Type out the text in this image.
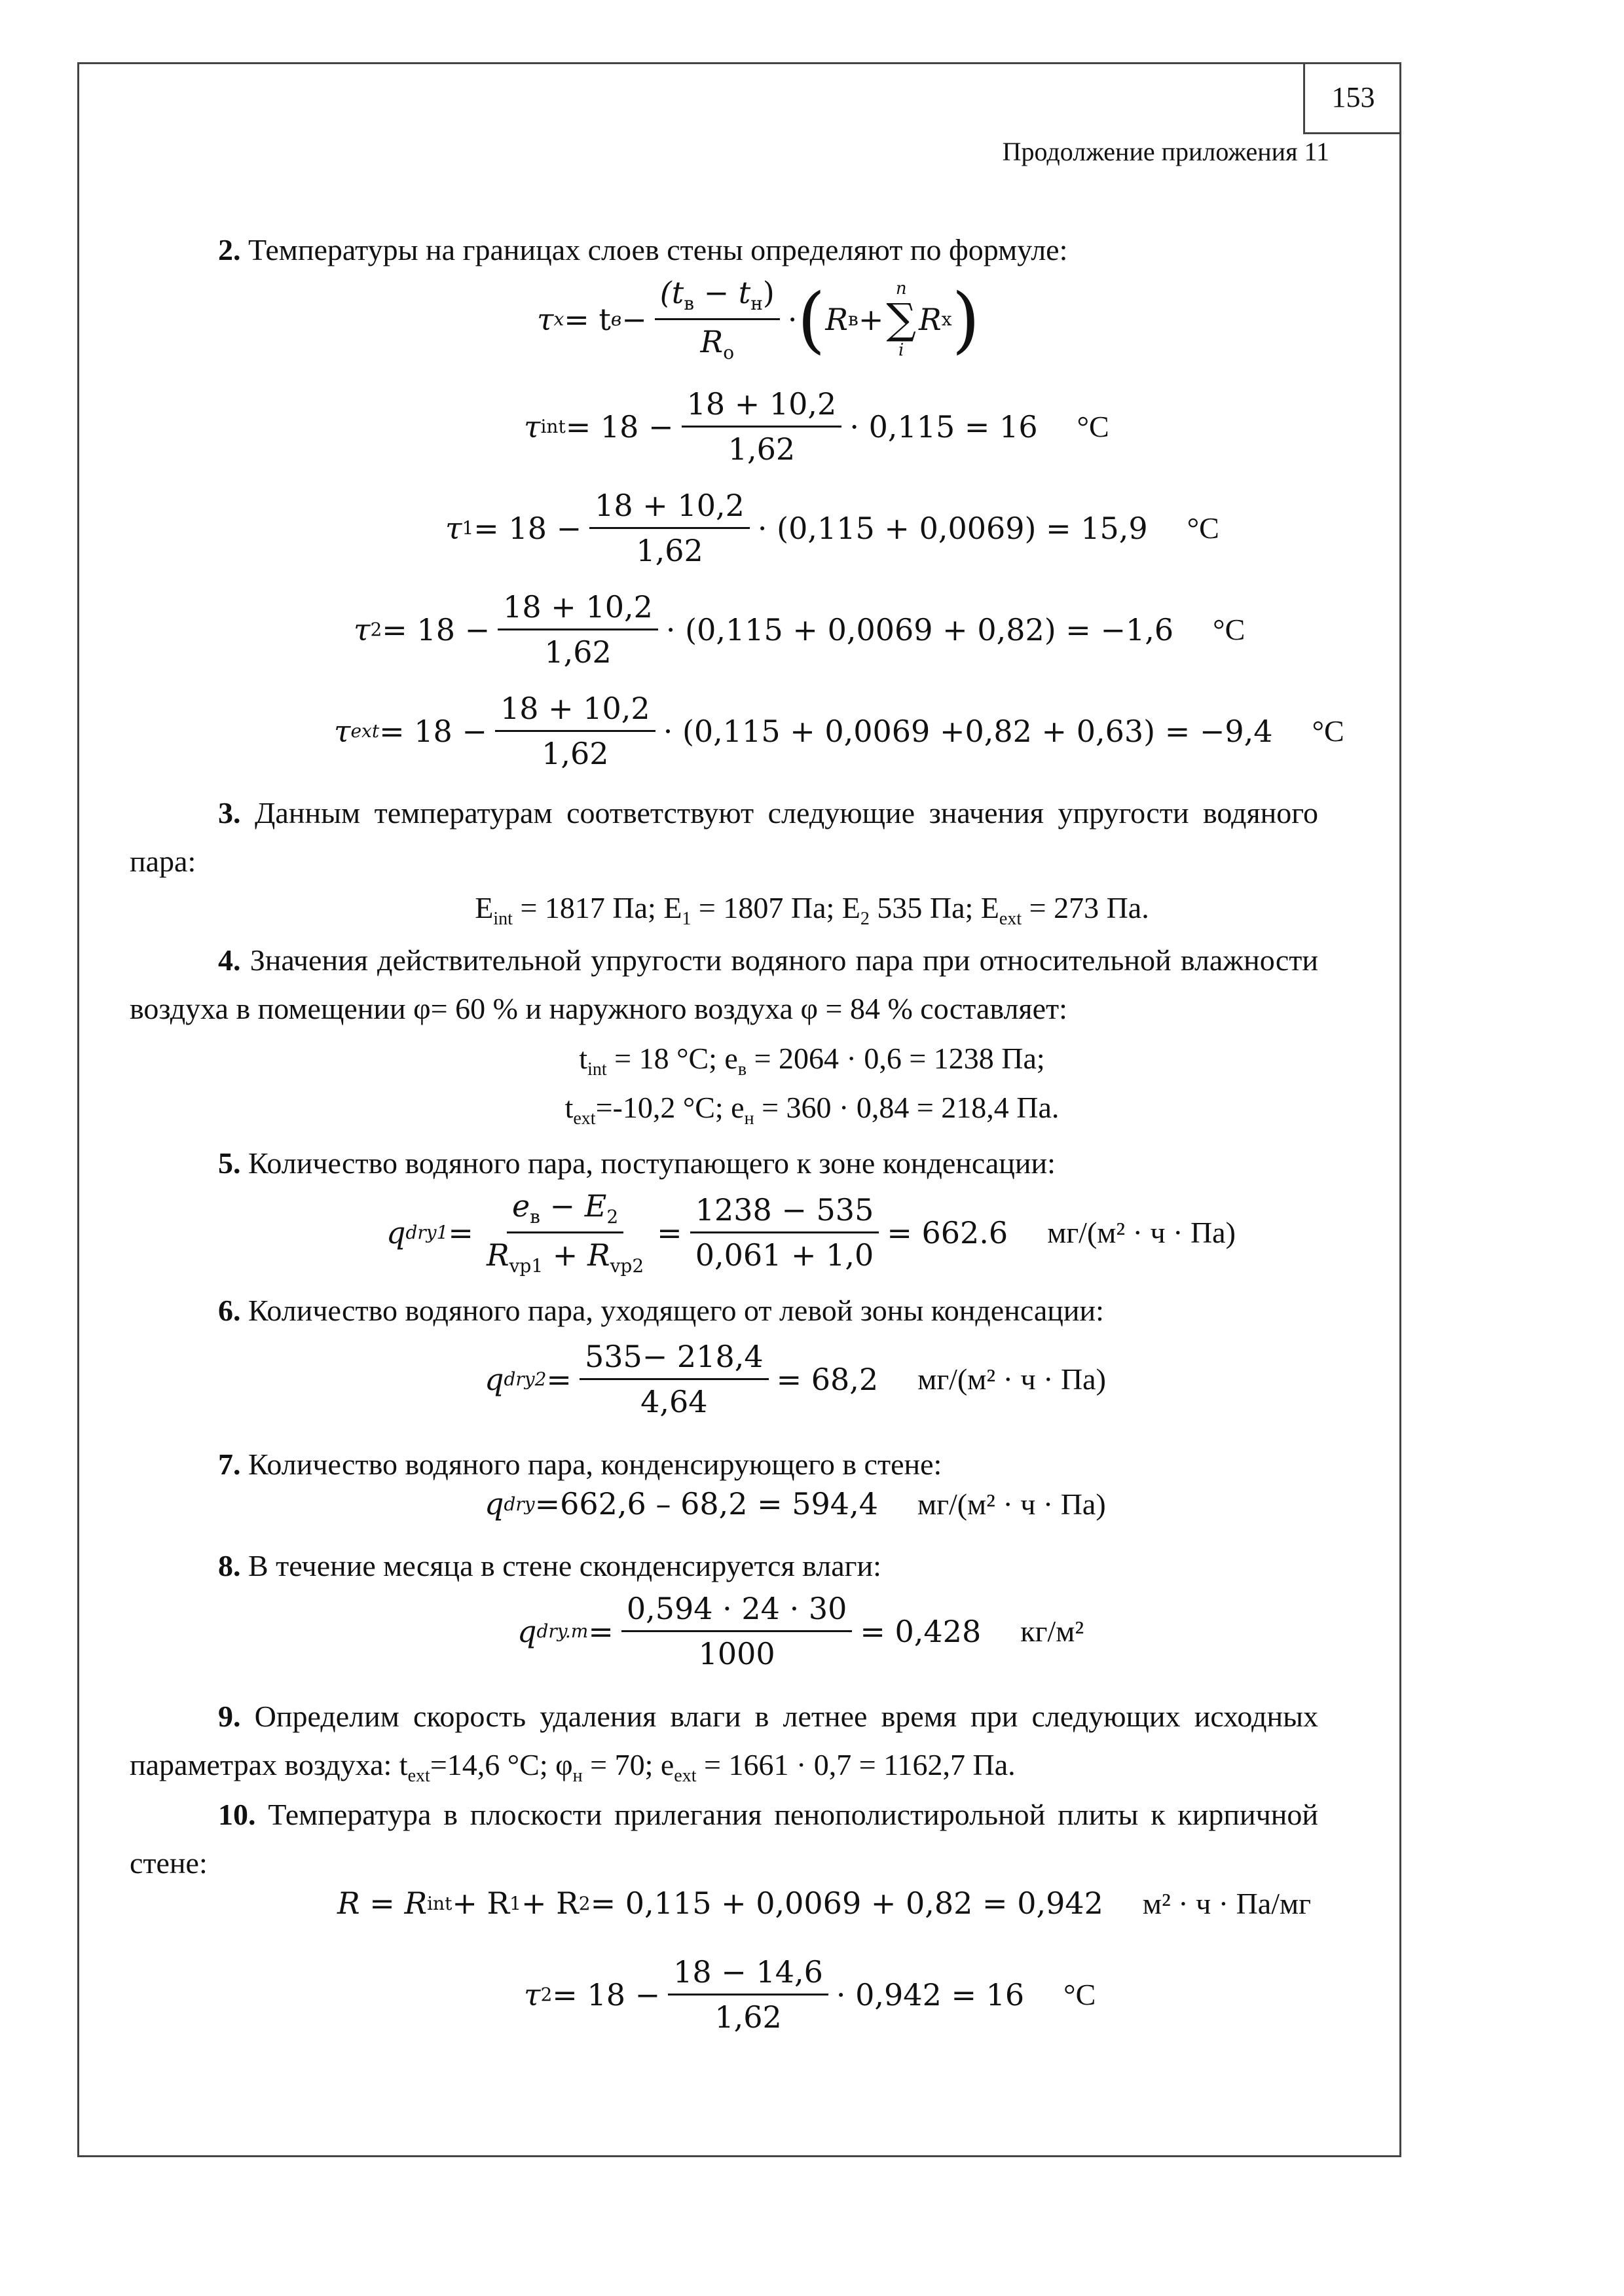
153
Продолжение приложения 11
2. Температуры на границах слоев стены определяют по формуле:
τ x = t $в - \frac{(t_в - t_н)}{R_o}$ · ( R в +
n
∑
i
R x )
τ int = $18 - \frac{18 + 10,2}{1,62} \cdot 0,115 = 16$ °C
τ $1 = 18 - \frac{18 + 10,2}{1,62} \cdot (0,115 + 0,0069) = 15,9$ °C
τ $2 = 18 - \frac{18 + 10,2}{1,62} \cdot (0,115 + 0,0069 + 0,82) = -1,6$ °C
τ ext = $18 - \frac{18 + 10,2}{1,62} \cdot (0,115 + 0,0069 +0,82 + 0,63) = -9,4$ °C
3. Данным температурам соответствуют следующие значения упругости водяного пара:
$E_{int} = 1817$ Па; $E_1 = 1807$ Па; $E_2$ 535 Па; $E_{ext} = 273$ Па.
4. Значения действительной упругости водяного пара при относительной влажности воздуха в помещении φ= 60 % и наружного воздуха φ = 84 % составляет:
$t_{int} = 18$ °C; $e_в = 2064 \cdot 0,6 = 1238$ Па;
$t_{ext}=-10,2$ °C; $e_н = 360 \cdot 0,84 = 218,4$ Па.
5. Количество водяного пара, поступающего к зоне конденсации:
q $dry1 = \frac{e_в - E_2}{R_{vp1} + R_{vp2}} = \frac{1238 - 535}{0,061 + 1,0} = 662.6$ мг/(м² · ч · Па)
6. Количество водяного пара, уходящего от левой зоны конденсации:
q $dry2 = \frac{535- 218,4}{4,64} = 68,2$ мг/(м² · ч · Па)
7. Количество водяного пара, конденсирующего в стене:
q dry =662,6 – 68,2 = 594,4 мг/(м² · ч · Па)
8. В течение месяца в стене сконденсируется влаги:
q $dry.m = \frac{0,594 \cdot 24 \cdot 30}{1000} = 0,428$ кг/м²
9. Определим скорость удаления влаги в летнее время при следующих исходных параметрах воздуха: $t_{ext}=14,6$ °C; $\varphi_н = 70$; $e_{ext} = 1661 \cdot 0,7 = 1162,7$ Па.
10. Температура в плоскости прилегания пенополистирольной плиты к кирпичной стене:
R = R int + R 1 + R 2 = 0,115 + 0,0069 + 0,82 = 0,942 м² · ч · Па/мг
τ $2 = 18 - \frac{18 - 14,6}{1,62} \cdot 0,942 = 16$ °C
